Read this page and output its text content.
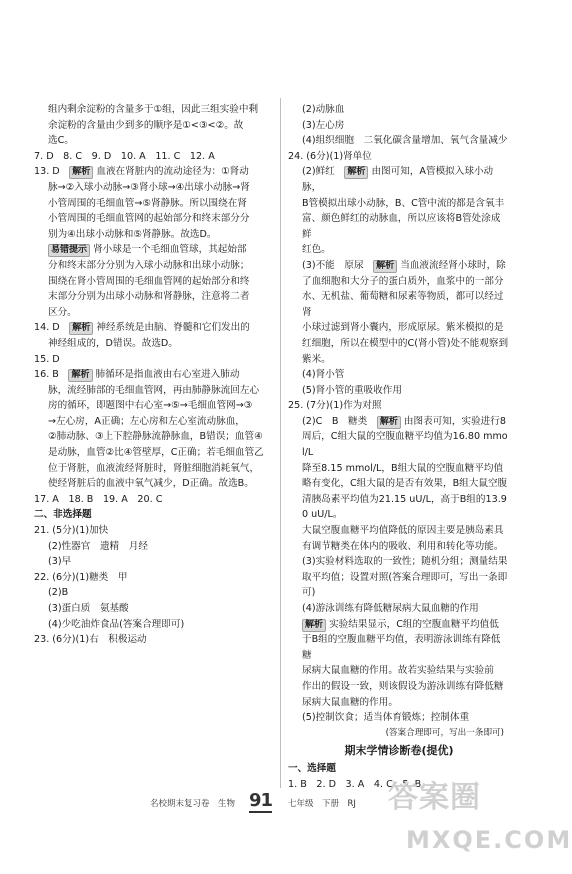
组内剩余淀粉的含量多于①组，因此三组实验中剩

余淀粉的含量由少到多的顺序是①<③<②。故

选C。

7. D　8. C　9. D　10. A　11. C　12. A

13. D　解析 血液在肾脏内的流动途径为：①肾动

脉→②入球小动脉→③肾小球→④出球小动脉→肾

小管周围的毛细血管→⑤肾静脉。所以围绕在肾

小管周围的毛细血管网的起始部分和终末部分分

别为④出球小动脉和⑤肾静脉。故选D。

易错提示 肾小球是一个毛细血管球，其起始部

分和终末部分分别为入球小动脉和出球小动脉；

围绕在肾小管周围的毛细血管网的起始部分和终

末部分分别为出球小动脉和肾静脉，注意将二者

区分。

14. D　解析 神经系统是由脑、脊髓和它们发出的

神经组成的，D错误。故选D。

15. D

16. B　解析 肺循环是指血液由右心室进入肺动

脉，流经肺部的毛细血管网，再由肺静脉流回左心

房的循环，即题图中右心室→⑤→毛细血管网→③

→左心房，A正确；左心房和左心室流动脉血，

②肺动脉、③上下腔静脉流静脉血，B错误；血管④

是动脉，血管②比④管壁厚，C正确；若毛细血管乙

位于肾脏，血液流经肾脏时，肾脏细胞消耗氧气，

使经肾脏后的血液中氧气减少，D正确。故选B。

17. A　18. B　19. A　20. C

二、非选择题

21. (5分)(1)加快

(2)性器官　遗精　月经

(3)早

22. (6分)(1)糖类　甲

(2)B

(3)蛋白质　氨基酸

(4)少吃油炸食品(答案合理即可)

23. (6分)(1)右　积极运动

(2)动脉血

(3)左心房

(4)组织细胞　二氧化碳含量增加、氧气含量减少

24. (6分)(1)肾单位

(2)鲜红　解析 由图可知，A管模拟入球小动脉，

B管模拟出球小动脉，B、C管中流的都是含氧丰

富、颜色鲜红的动脉血，所以应该将B管处涂成鲜

红色。

(3)不能　原尿　解析 当血液流经肾小球时，除

了血细胞和大分子的蛋白质外，血浆中的一部分

水、无机盐、葡萄糖和尿素等物质，都可以经过肾

小球过滤到肾小囊内，形成原尿。紫米模拟的是

红细胞，所以在模型中的C(肾小管)处不能观察到

紫米。

(4)肾小管

(5)肾小管的重吸收作用

25. (7分)(1)作为对照

(2)C　B　糖类　解析 由图表可知，实验进行8

周后，C组大鼠的空腹血糖平均值为16.80 mmol/L

降至8.15 mmol/L，B组大鼠的空腹血糖平均值

略有变化，C组大鼠的是否有效果，B组大鼠空腹

清胰岛素平均值为21.15 uU/L，高于B组的13.90 uU/L。

大鼠空腹血糖平均值降低的原因主要是胰岛素具

有调节糖类在体内的吸收、利用和转化等功能。

(3)实验材料选取的一致性；随机分组；测量结果

取平均值；设置对照(答案合理即可，写出一条即可)

(4)游泳训练有降低糖尿病大鼠血糖的作用

解析 实验结果显示，C组的空腹血糖平均值低

于B组的空腹血糖平均值，表明游泳训练有降低糖

尿病大鼠血糖的作用。故若实验结果与实验前

作出的假设一致，则该假设为游泳训练有降低糖

尿病大鼠血糖的作用。

(5)控制饮食；适当体育锻炼；控制体重

(答案合理即可，写出一条即可)

期末学情诊断卷(提优)

一、选择题

1. B　2. D　3. A　4. C　5. B

名校期末复习卷　生物 91 七年级　下册　RJ 答案圈
MXQE.COM
